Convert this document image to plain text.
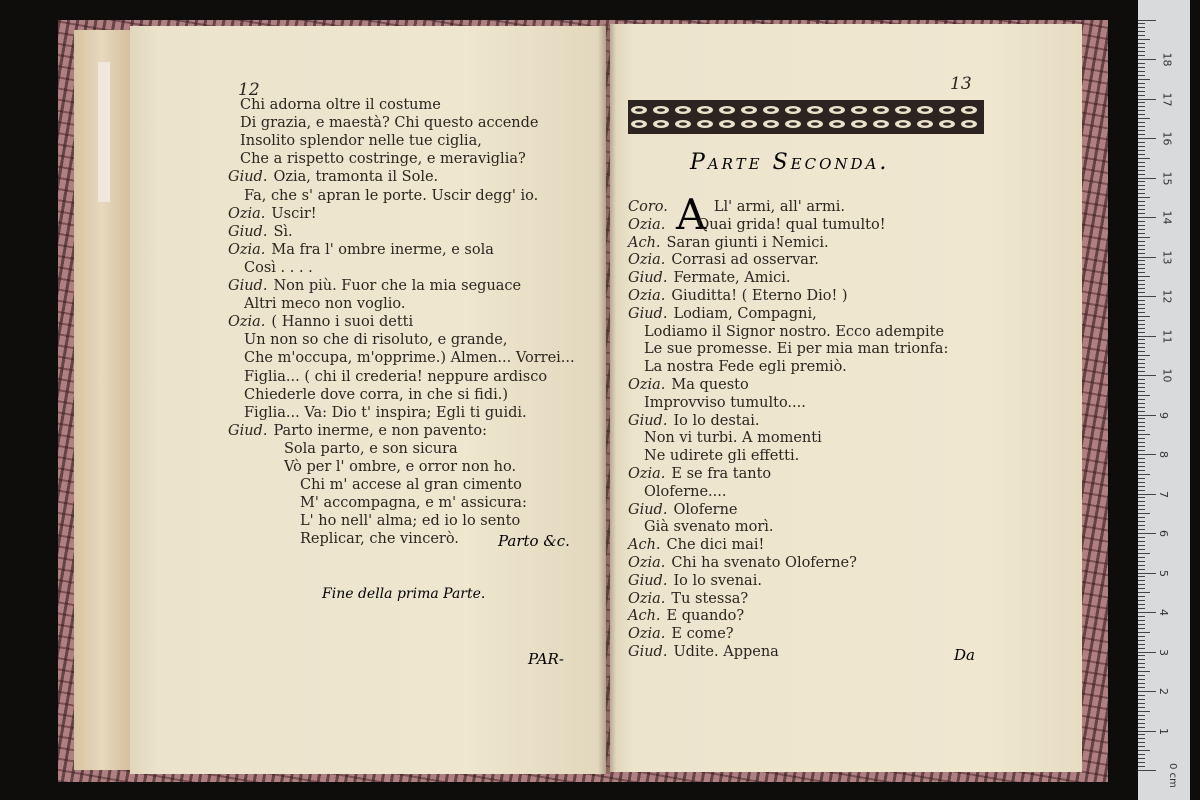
12
Chi adorna oltre il costume
Di grazia, e maestà? Chi questo accende
Insolito splendor nelle tue ciglia,
Che a rispetto costringe, e meraviglia?
Giud. Ozia, tramonta il Sole.
Fa, che s' apran le porte. Uscir degg' io.
Ozia. Uscir!
Giud. Sì.
Ozia. Ma fra l' ombre inerme, e sola
Così . . . .
Giud. Non più. Fuor che la mia seguace
Altri meco non voglio.
Ozia. ( Hanno i suoi detti
Un non so che di risoluto, e grande,
Che m'occupa, m'opprime.) Almen... Vorrei...
Figlia... ( chi il crederia! neppure ardisco
Chiederle dove corra, in che si fidi.)
Figlia... Va: Dio t' inspira; Egli ti guidi.
Giud. Parto inerme, e non pavento:
Sola parto, e son sicura
Vò per l' ombre, e orror non ho.
Chi m' accese al gran cimento
M' accompagna, e m' assicura:
L' ho nell' alma; ed io lo sento
Replicar, che vincerò.	Parto &c.
Fine della prima Parte.
PAR-
13
Parte Seconda.
A
Coro.	Ll' armi, all' armi.
Ozia. Quai grida! qual tumulto!
Ach. Saran giunti i Nemici.
Ozia. Corrasi ad osservar.
Giud. Fermate, Amici.
Ozia. Giuditta! ( Eterno Dio! )
Giud. Lodiam, Compagni,
Lodiamo il Signor nostro. Ecco adempite
Le sue promesse. Ei per mia man trionfa:
La nostra Fede egli premiò.
Ozia. Ma questo
Improvviso tumulto....
Giud. Io lo destai.
Non vi turbi. A momenti
Ne udirete gli effetti.
Ozia. E se fra tanto
Oloferne....
Giud. Oloferne
Già svenato morì.
Ach. Che dici mai!
Ozia. Chi ha svenato Oloferne?
Giud. Io lo svenai.
Ozia. Tu stessa?
Ach. E quando?
Ozia. E come?
Giud. Udite. Appena	Da
1
2
3
4
5
6
7
8
9
10
11
12
13
14
15
16
17
18
0 cm
